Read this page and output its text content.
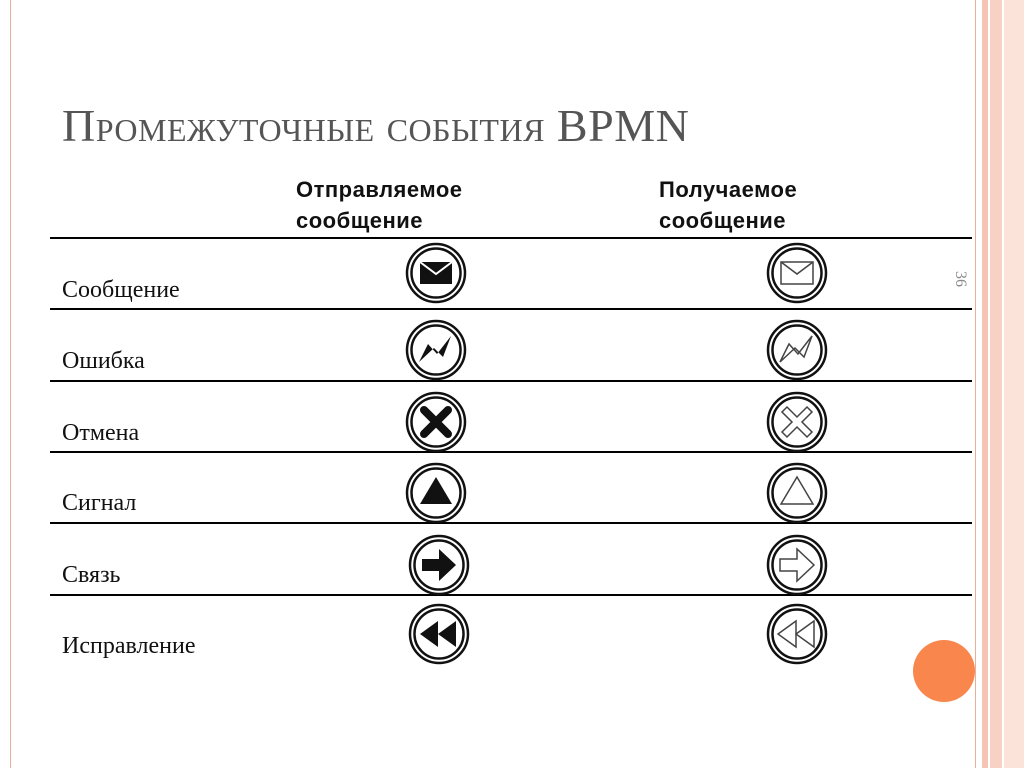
Промежуточные события BPMN
Отправляемое сообщение
Получаемое сообщение
36
Сообщение
Ошибка
Отмена
Сигнал
Связь
Исправление
